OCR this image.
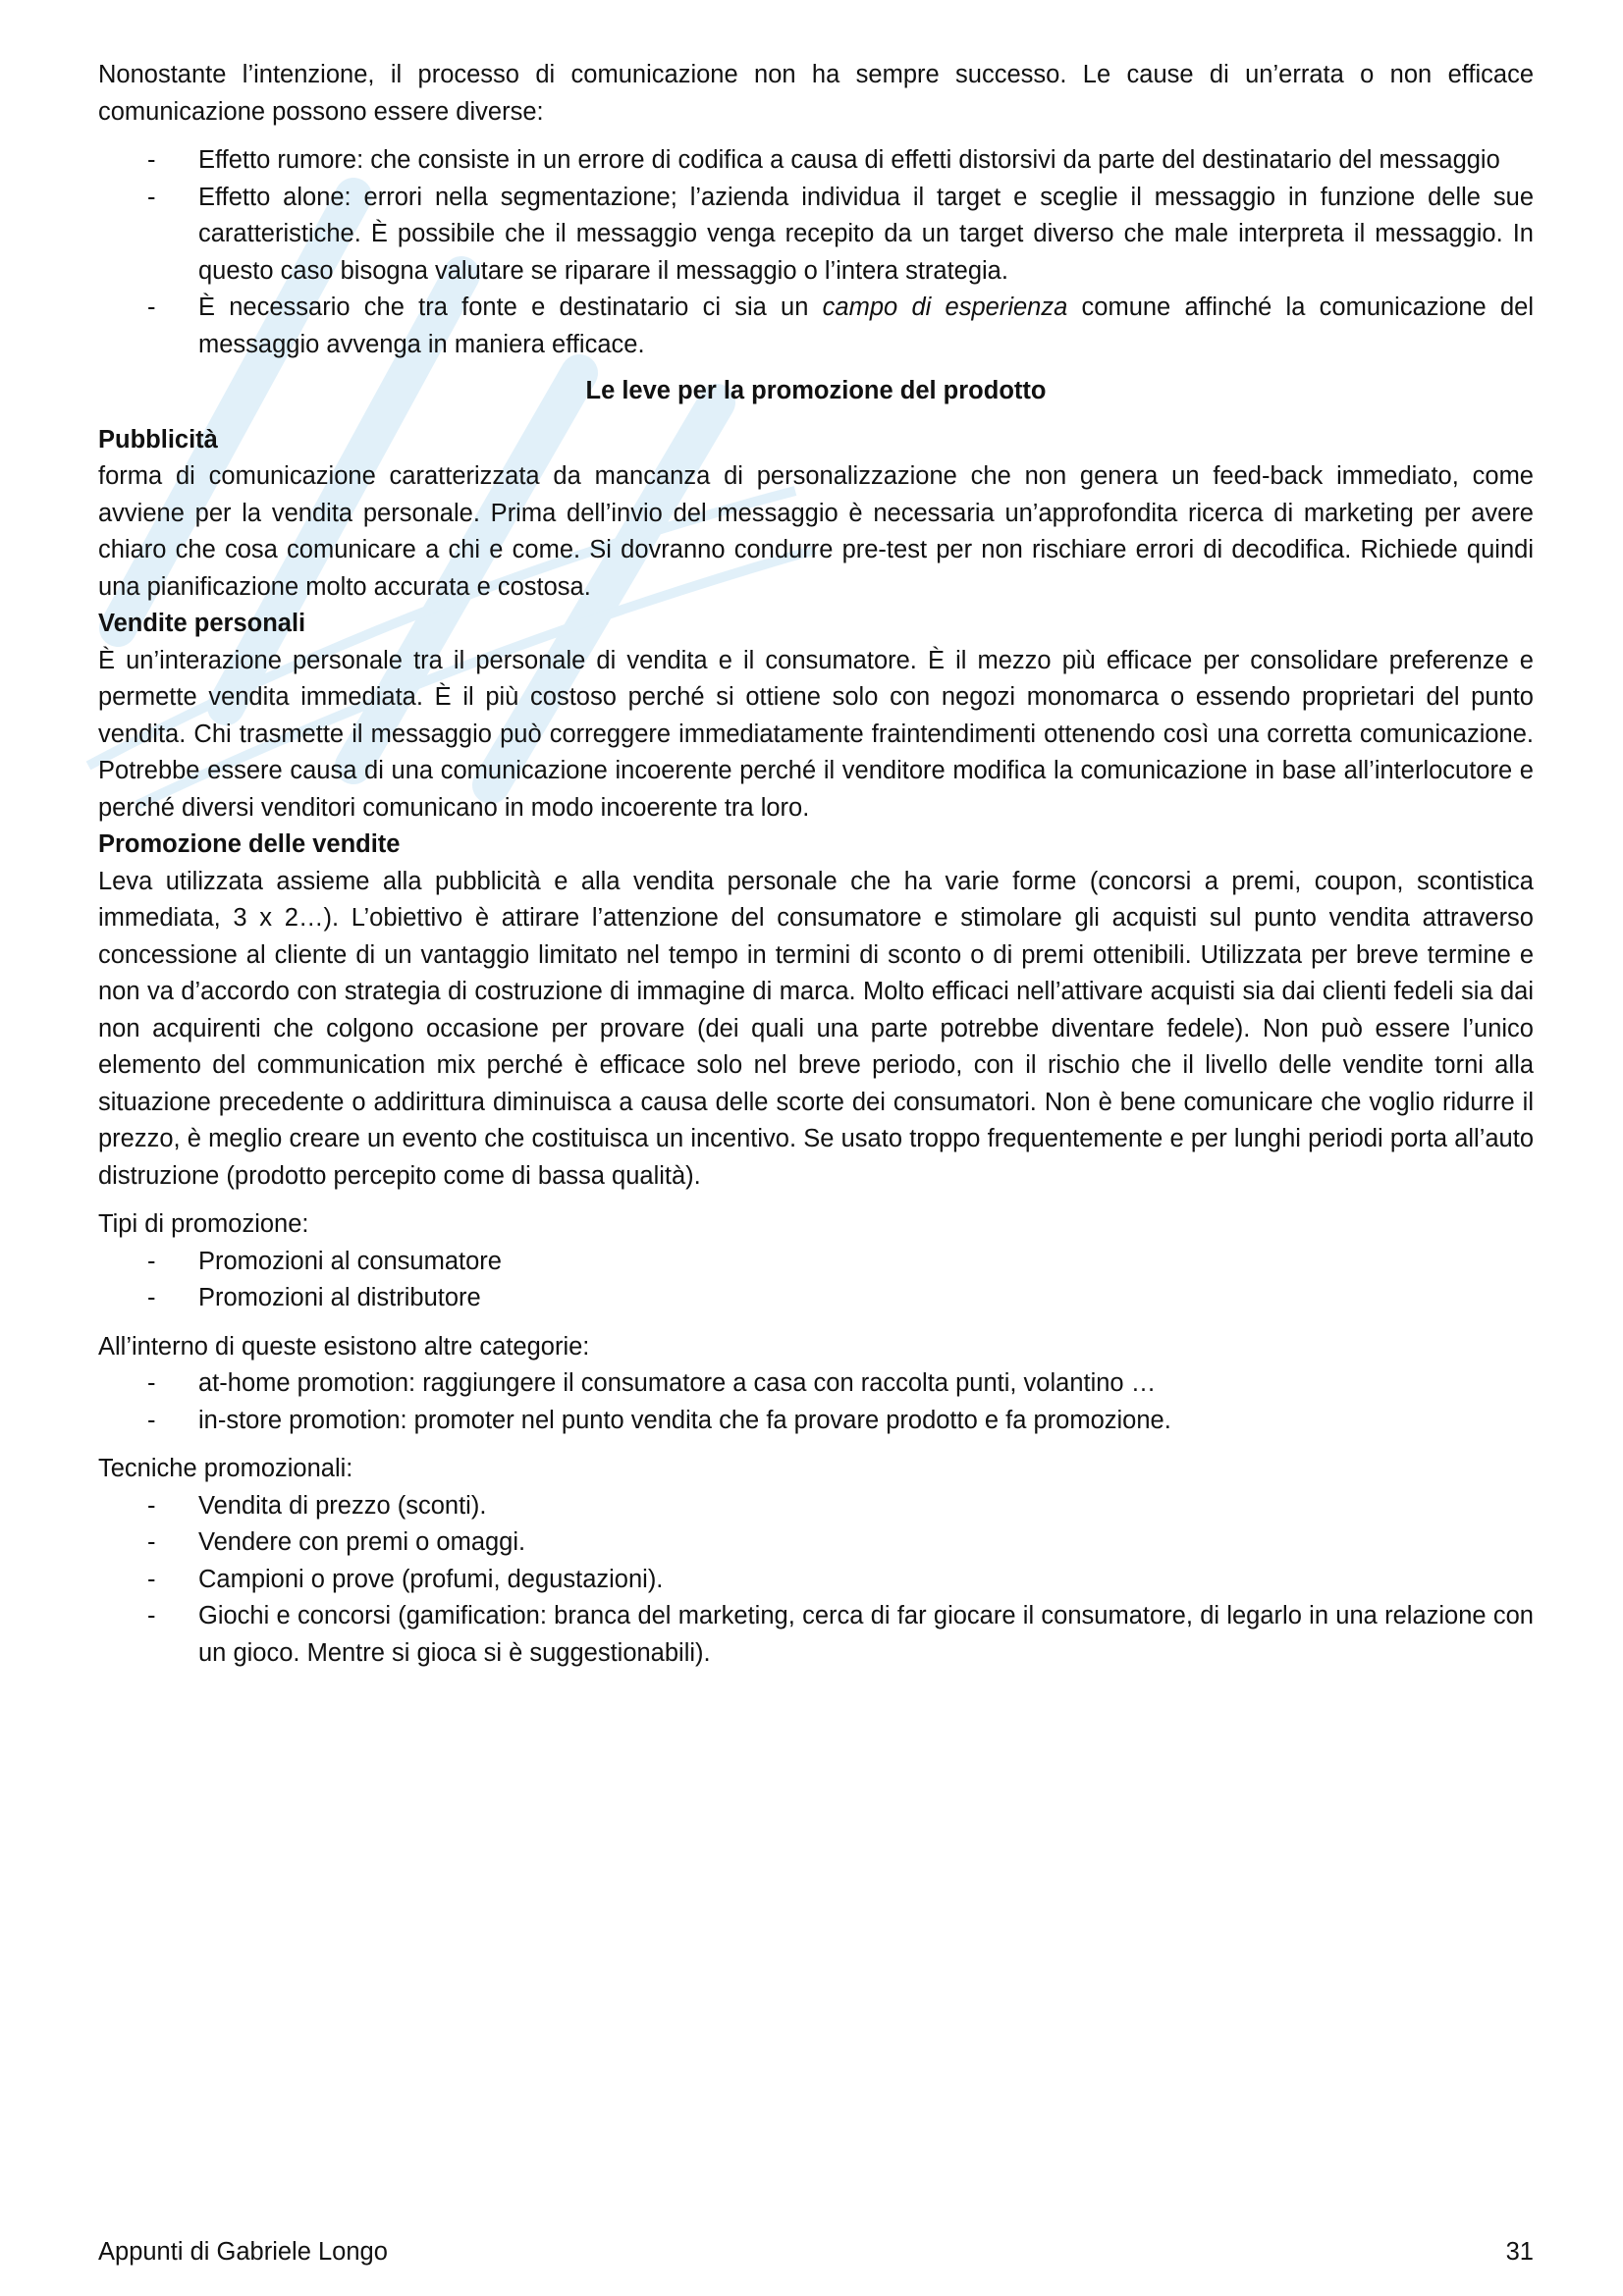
Nonostante l’intenzione, il processo di comunicazione non ha sempre successo. Le cause di un’errata o non efficace comunicazione possono essere diverse:

- Effetto rumore: che consiste in un errore di codifica a causa di effetti distorsivi da parte del destinatario del messaggio
- Effetto alone: errori nella segmentazione; l’azienda individua il target e sceglie il messaggio in funzione delle sue caratteristiche. È possibile che il messaggio venga recepito da un target diverso che male interpreta il messaggio. In questo caso bisogna valutare se riparare il messaggio o l’intera strategia.
- È necessario che tra fonte e destinatario ci sia un campo di esperienza comune affinché la comunicazione del messaggio avvenga in maniera efficace.

Le leve per la promozione del prodotto

Pubblicità

forma di comunicazione caratterizzata da mancanza di personalizzazione che non genera un feed-back immediato, come avviene per la vendita personale. Prima dell’invio del messaggio è necessaria un’approfondita ricerca di marketing per avere chiaro che cosa comunicare a chi e come. Si dovranno condurre pre-test per non rischiare errori di decodifica. Richiede quindi una pianificazione molto accurata e costosa.

Vendite personali

È un’interazione personale tra il personale di vendita e il consumatore. È il mezzo più efficace per consolidare preferenze e permette vendita immediata. È il più costoso perché si ottiene solo con negozi monomarca o essendo proprietari del punto vendita. Chi trasmette il messaggio può correggere immediatamente fraintendimenti ottenendo così una corretta comunicazione. Potrebbe essere causa di una comunicazione incoerente perché il venditore modifica la comunicazione in base all’interlocutore e perché diversi venditori comunicano in modo incoerente tra loro.

Promozione delle vendite

Leva utilizzata assieme alla pubblicità e alla vendita personale che ha varie forme (concorsi a premi, coupon, scontistica immediata, 3 x 2…). L’obiettivo è attirare l’attenzione del consumatore e stimolare gli acquisti sul punto vendita attraverso concessione al cliente di un vantaggio limitato nel tempo in termini di sconto o di premi ottenibili. Utilizzata per breve termine e non va d’accordo con strategia di costruzione di immagine di marca. Molto efficaci nell’attivare acquisti sia dai clienti fedeli sia dai non acquirenti che colgono occasione per provare (dei quali una parte potrebbe diventare fedele). Non può essere l’unico elemento del communication mix perché è efficace solo nel breve periodo, con il rischio che il livello delle vendite torni alla situazione precedente o addirittura diminuisca a causa delle scorte dei consumatori. Non è bene comunicare che voglio ridurre il prezzo, è meglio creare un evento che costituisca un incentivo. Se usato troppo frequentemente e per lunghi periodi porta all’auto distruzione (prodotto percepito come di bassa qualità).

Tipi di promozione:

- Promozioni al consumatore
- Promozioni al distributore

All’interno di queste esistono altre categorie:

- at-home promotion: raggiungere il consumatore a casa con raccolta punti, volantino …
- in-store promotion: promoter nel punto vendita che fa provare prodotto e fa promozione.

Tecniche promozionali:

- Vendita di prezzo (sconti).
- Vendere con premi o omaggi.
- Campioni o prove (profumi, degustazioni).
- Giochi e concorsi (gamification: branca del marketing, cerca di far giocare il consumatore, di legarlo in una relazione con un gioco. Mentre si gioca si è suggestionabili).
Appunti di Gabriele Longo	31
